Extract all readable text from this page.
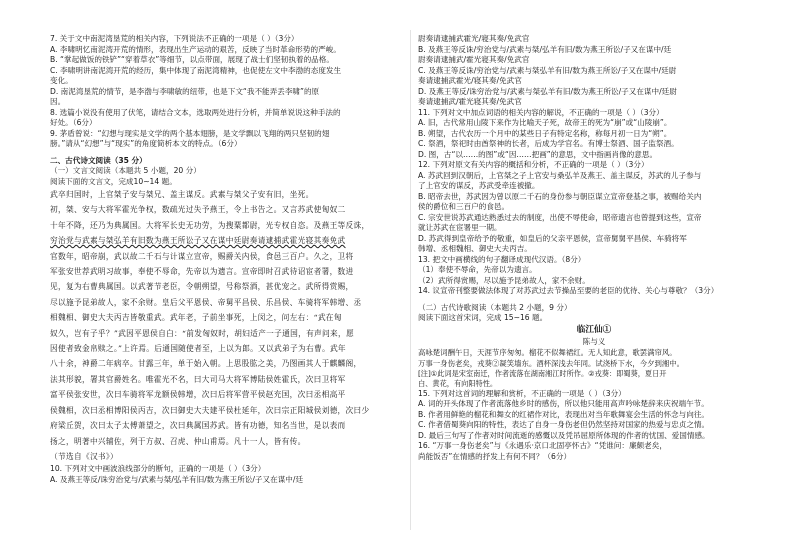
7. 关于文中南泥湾垦荒的相关内容，下列说法不正确的一项是（ ）（3分）
A. 李啸明忆南泥湾开荒的情形，表现出生产运动的艰苦，反映了当时革命形势的严峻。
B. “掌起做饭的铁铲”“穿着草衣”等细节，以点带面，展现了战士们坚韧执着的品格。
C. 李啸明讲南泥湾开荒的经历，集中体现了南泥湾精神，也促使左文中李渤的态度发生
变化。
D. 南泥湾垦荒的情节，是李渤与李啸敏的纽带，也是下文“我不能弄丢李啸”的原
因。
8. 选篇小说没有使用了伏笔，请结合文本，选取两处进行分析，并简单说说这种手法的
好处。（6分）
9. 茅盾曾说：“幻想与现实是文学的两个基本翅膀，是文学飘以飞翔的两只坚韧的翅
膀。”请从“幻想”与“现实”的角度简析本文的特点。（6分）
二、古代诗文阅读（35 分）
（一）文言文阅读（本题共 5 小题，20 分）
阅读下面的文言文，完成10~14 题。
武卒归国时，上官桀子安与桀兄、盖主谋反。武素与桀父子安有旧，坐死。
初，桀、安与大将军霍光争权，数疏光过失予燕王，令上书告之。又言苏武使匈奴二
十年不降，还乃为典属国。大将军长史无功劳，为搜粟都尉，光专权自恣。及燕王等反诛，
穷治党与武素与桀弘羊有旧数为燕王所讼子又在谋中廷尉奏请逮捕武霍光寝其奏免武
官数年，昭帝崩，武以故二千石与计谋立宣帝，赐爵关内侯，食邑三百户。久之，卫将
军张安世荐武明习故事，奉使不辱命，先帝以为遗言。宣帝即时召武待诏宦者署，数进
见，复为右曹典属国。以武著节老臣，令朝朔望，号称祭酒，甚优宠之。武所得赏赐，
尽以施予昆弟故人，家不余财。皇后父平恩侯、帝舅平昌侯、乐昌侯、车骑将军韩增、丞
相魏相、御史大夫丙吉皆敬重武。武年老，子前坐事死，上闵之，问左右：“武在匈
奴久，岂有子乎？”武因平恩侯自白：“前发匈奴时，胡妇适产一子通国，有声问来，愿
因使者致金帛赎之。”上许焉。后通国随使者至，上以为郎。又以武弟子为右曹。武年
八十余，神爵二年病卒。甘露三年，单于始入朝。上思股肱之美，乃图画其人于麒麟阁，
法其形貌，署其官爵姓名。唯霍光不名，曰大司马大将军博陆侯姓霍氏，次曰卫将军
富平侯张安世，次曰车骑将军龙额侯韩增，次曰后将军营平侯赵充国，次曰丞相高平
侯魏相，次曰丞相博阳侯丙吉，次曰御史大夫建平侯杜延年，次曰宗正阳城侯刘德，次曰少
府梁丘贺，次曰太子太傅萧望之，次曰典属国苏武。皆有功德，知名当世，是以表而
扬之，明著中兴辅佐，列于方叔、召虎、仲山甫焉。凡十一人，皆有传。
（节选自《汉书》）
10. 下列对文中画波浪线部分的断句，正确的一项是（ ）（3分）
A. 及燕王等反/诛穷治党与/武素与桀/弘羊有旧/数为燕王所讼/子又在谋中/廷
尉奏请逮捕武霍光/寝其奏/免武官
B. 及燕王等反诛/穷治党与/武素与桀/弘羊有旧/数为燕王所讼/子又在谋中/廷
尉奏请逮捕武/霍光寝其奏/免武官
C. 及燕王等反诛/穷治党与/武素与桀弘羊有旧/数为燕王所讼/子又在谋中/廷尉
奏请逮捕武霍光/寝其奏/免武官
D. 及燕王等反/诛穷治党与/武素与桀弘羊有旧/数为燕王所讼/子又在谋中/廷尉
奏请逮捕武/霍光寝其奏/免武官
11. 下列对文中加点词语的相关内容的解说，不正确的一项是（ ）（3分）
A. 旧，古代常用山陵下来作为比喻天子死，故帝王的死为“崩”或“山陵崩”。
B. 朔望，古代农历一个月中的某些日子有特定名称，称每月初一日为“朔”。
C. 祭酒，祭祀时由酋祭神的长者，后成为学官名。有博士祭酒、国子监祭酒。
D. 图，古“以……的图”或“因……把画”的意思，文中指画肖像的意思。
12. 下列对原文有关内容的概括和分析，不正确的一项是（ ）（3分）
A. 苏武回到汉朝后，上官桀之子上官安与桑弘羊及燕王、盖主谋反，苏武的儿子参与
了上官安的谋反，苏武受牵连被撤。
B. 昭帝去世，苏武因为曾以原二千石的身份参与朝臣谋立宣帝登基之事，被赐给关内
侯的爵位和三百户的食邑。
C. 宗安世说苏武通达熟悉过去的制度，出使不辱使命，昭帝遗言也曾提到这些，宣帝
就让苏武在宦署里一期。
D. 苏武得到皇帝给予的敬重，如皇后的父亲平恩侯，宣帝舅舅平昌侯、车骑将军
韩增、丞相魏相、御史大夫丙吉。
13. 把文中画横线的句子翻译成现代汉语。（8分）
（1）奉使不辱命，先帝以为遗言。
（2）武所得赏赐，尽以施予昆弟故人，家不余财。
14. 议宣帝刊整要做法体现了对苏武过去节操品至要的老臣的优待、关心与尊敬？（3分）
（二）古代诗歌阅读（本题共 2 小题，9 分）
阅读下面这首宋词，完成 15~16 题。
临江仙①
陈与义
高咏楚词酬午日，天涯节序匆匆。榴花不似舞裙红。无人知此意，歌罢满帘风。
万事一身伤老矣，戎葵②凝笑墙东。酒杯深浅去年同。试浇桥下水，今夕到湘中。
[注]①此词是宋室南迁，作者流落在湖南湘江时所作。②戎葵：即蜀葵，夏日开
白、黄花，有向阳特性。
15. 下列对这首词的理解和赏析，不正确的一项是（ ）（3分）
A. 词的开头体现了作者流落他乡时的感伤，所以他只能用高声吟咏楚辞来庆祝端午节。
B. 作者用鲜艳的榴花和舞女的红裙作对比，表现出对当年歌舞宴会生活的怀念与向往。
C. 作者借蜀葵向阳的特性，表达了自身一身伤老但仍然坚持对国家的热爱与忠贞之情。
D. 最后三句写了作者对时间流逝的感慨以及凭吊屈原所体现的作者的忧国、爱国情感。
16. “万事一身伤老矣”与《永遇乐·京口北固亭怀古》“凭谁问：廉颇老矣，
尚能饭否”在情感的抒发上有何不同？（6分）
